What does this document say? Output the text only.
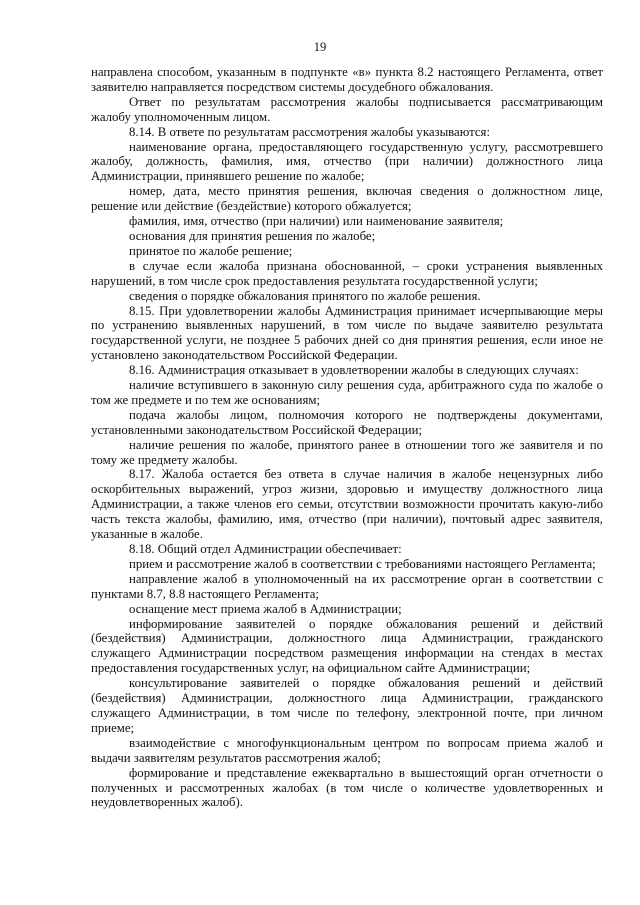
19

направлена способом, указанным в подпункте «в» пункта 8.2 настоящего Регламента, ответ заявителю направляется посредством системы досудебного обжалования.

Ответ по результатам рассмотрения жалобы подписывается рассматривающим жалобу уполномоченным лицом.

8.14. В ответе по результатам рассмотрения жалобы указываются:

наименование органа, предоставляющего государственную услугу, рассмотревшего жалобу, должность, фамилия, имя, отчество (при наличии) должностного лица Администрации, принявшего решение по жалобе;

номер, дата, место принятия решения, включая сведения о должностном лице, решение или действие (бездействие) которого обжалуется;

фамилия, имя, отчество (при наличии) или наименование заявителя;

основания для принятия решения по жалобе;

принятое по жалобе решение;

в случае если жалоба признана обоснованной, – сроки устранения выявленных нарушений, в том числе срок предоставления результата государственной услуги;

сведения о порядке обжалования принятого по жалобе решения.

8.15. При удовлетворении жалобы Администрация принимает исчерпывающие меры по устранению выявленных нарушений, в том числе по выдаче заявителю результата государственной услуги, не позднее 5 рабочих дней со дня принятия решения, если иное не установлено законодательством Российской Федерации.

8.16. Администрация отказывает в удовлетворении жалобы в следующих случаях:

наличие вступившего в законную силу решения суда, арбитражного суда по жалобе о том же предмете и по тем же основаниям;

подача жалобы лицом, полномочия которого не подтверждены документами, установленными законодательством Российской Федерации;

наличие решения по жалобе, принятого ранее в отношении того же заявителя и по тому же предмету жалобы.

8.17. Жалоба остается без ответа в случае наличия в жалобе нецензурных либо оскорбительных выражений, угроз жизни, здоровью и имуществу должностного лица Администрации, а также членов его семьи, отсутствии возможности прочитать какую-либо часть текста жалобы, фамилию, имя, отчество (при наличии), почтовый адрес заявителя, указанные в жалобе.

8.18. Общий отдел Администрации обеспечивает:

прием и рассмотрение жалоб в соответствии с требованиями настоящего Регламента;

направление жалоб в уполномоченный на их рассмотрение орган в соответствии с пунктами 8.7, 8.8 настоящего Регламента;

оснащение мест приема жалоб в Администрации;

информирование заявителей о порядке обжалования решений и действий (бездействия) Администрации, должностного лица Администрации, гражданского служащего Администрации посредством размещения информации на стендах в местах предоставления государственных услуг, на официальном сайте Администрации;

консультирование заявителей о порядке обжалования решений и действий (бездействия) Администрации, должностного лица Администрации, гражданского служащего Администрации, в том числе по телефону, электронной почте, при личном приеме;

взаимодействие с многофункциональным центром по вопросам приема жалоб и выдачи заявителям результатов рассмотрения жалоб;

формирование и представление ежеквартально в вышестоящий орган отчетности о полученных и рассмотренных жалобах (в том числе о количестве удовлетворенных и неудовлетворенных жалоб).
